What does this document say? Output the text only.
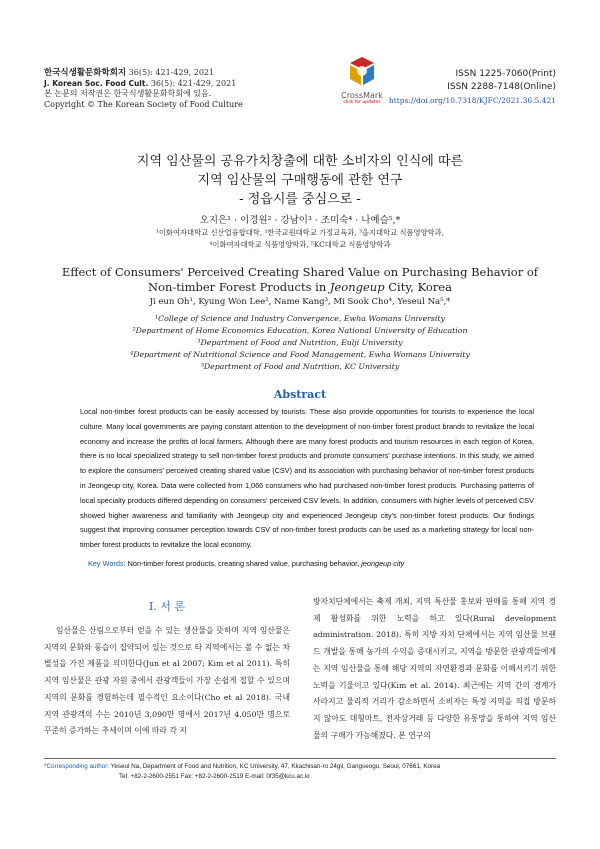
한국식생활문화학회지 36(5): 421-429, 2021
J. Korean Soc. Food Cult. 36(5): 421-429, 2021
본 논문의 저작권은 한국식생활문화학회에 있음.
Copyright © The Korean Society of Food Culture
CrossMark
click for updates
ISSN 1225-7060(Print)
ISSN 2288-7148(Online)
https://doi.org/10.7318/KJFC/2021.36.5.421
지역 임산물의 공유가치창출에 대한 소비자의 인식에 따른
지역 임산물의 구매행동에 관한 연구
- 정읍시를 중심으로 -
오지은¹ · 이경원² · 강남이³ · 조미숙⁴ · 나예슬⁵,*
¹이화여자대학교 신산업융합대학, ²한국교원대학교 가정교육과, ³을지대학교 식품영양학과,
⁴이화여자대학교 식품영양학과, ⁵KC대학교 식품영양학과
Effect of Consumers' Perceived Creating Shared Value on Purchasing Behavior of
Non-timber Forest Products in Jeongeup City, Korea
Ji eun Oh¹, Kyung Won Lee², Name Kang³, Mi Sook Cho⁴, Yeseul Na⁵,*
¹College of Science and Industry Convergence, Ewha Womans University
²Department of Home Economics Education, Korea National University of Education
³Department of Food and Nutrition, Eulji University
⁴Department of Nutritional Science and Food Management, Ewha Womans University
⁵Department of Food and Nutrition, KC University
Abstract
Local non-timber forest products can be easily accessed by tourists. These also provide opportunities for tourists to experience the local culture. Many local governments are paying constant attention to the development of non-timber forest product brands to revitalize the local economy and increase the profits of local farmers. Although there are many forest products and tourism resources in each region of Korea, there is no local specialized strategy to sell non-timber forest products and promote consumers' purchase intentions. In this study, we aimed to explore the consumers' perceived creating shared value (CSV) and its association with purchasing behavior of non-timber forest products in Jeongeup city, Korea. Data were collected from 1,066 consumers who had purchased non-timber forest products. Purchasing patterns of local specialty products differed depending on consumers' perceived CSV levels. In addition, consumers with higher levels of perceived CSV showed higher awareness and familiarity with Jeongeup city and experienced Jeongeup city's non-timber forest products. Our findings suggest that improving consumer perception towards CSV of non-timber forest products can be used as a marketing strategy for local non-timber forest products to revitalize the local economy.
Key Words: Non-timber forest products, creating shared value, purchasing behavior, jeongeup city
I. 서 론

임산물은 산림으로부터 얻을 수 있는 생산물을 뜻하며 지역 임산물은 지역의 문화와 풍습이 집약되어 있는 것으로 타 지역에서는 볼 수 없는 차별성을 가진 제품을 의미한다(Jun et al 2007; Kim et al 2011). 특히 지역 임산물은 관광 자원 중에서 관광객들이 가장 손쉽게 접할 수 있으며 지역의 문화를 경험하는데 필수적인 요소이다(Cho et al 2018). 국내 지역 관광객의 수는 2010년 3,090만 명에서 2017년 4,050만 명으로 꾸준히 증가하는 추세이며 이에 따라 각 지

방자치단체에서는 축제 개최, 지역 특산물 홍보와 판매를 통해 지역 경제 활성화를 위한 노력을 하고 있다(Rural development administration. 2018). 특히 지방 자치 단체에서는 지역 임산물 브랜드 개발을 통해 농가의 수익을 증대시키고, 지역을 방문한 관광객들에게는 지역 임산물을 통해 해당 지역의 자연환경과 문화를 이해시키기 위한 노력을 기울이고 있다(Kim et al. 2014). 최근에는 지역 간의 경계가 사라지고 물리적 거리가 감소하면서 소비자는 특정 지역을 직접 방문하지 않아도 대형마트, 전자상거래 등 다양한 유통망을 통하여 지역 임산물의 구매가 가능해졌다. 본 연구의

*Corresponding author: Yeseul Na, Department of Food and Nutrition, KC University, 47, Kkachisan-ro 24gil, Gangseogu, Seoul, 07661, Korea
Tel: +82-2-2600-2551 Fax: +82-2-2600-2519 E-mail: 0f35@kcu.ac.kr
